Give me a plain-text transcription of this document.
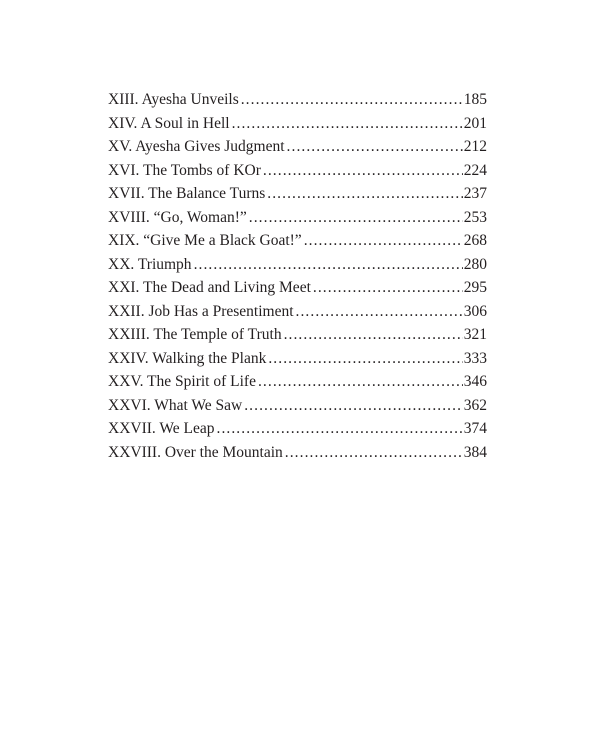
XIII. Ayesha Unveils . . .	185
XIV. A Soul in Hell . . .	201
XV. Ayesha Gives Judgment . . .	212
XVI. The Tombs of KOr . . .	224
XVII. The Balance Turns . . .	237
XVIII. “Go, Woman!” . . .	253
XIX. “Give Me a Black Goat!” . . .	268
XX. Triumph . . .	280
XXI. The Dead and Living Meet . . .	295
XXII. Job Has a Presentiment . . .	306
XXIII. The Temple of Truth . . .	321
XXIV. Walking the Plank . . .	333
XXV. The Spirit of Life . . .	346
XXVI. What We Saw . . .	362
XXVII. We Leap . . .	374
XXVIII. Over the Mountain . . .	384
